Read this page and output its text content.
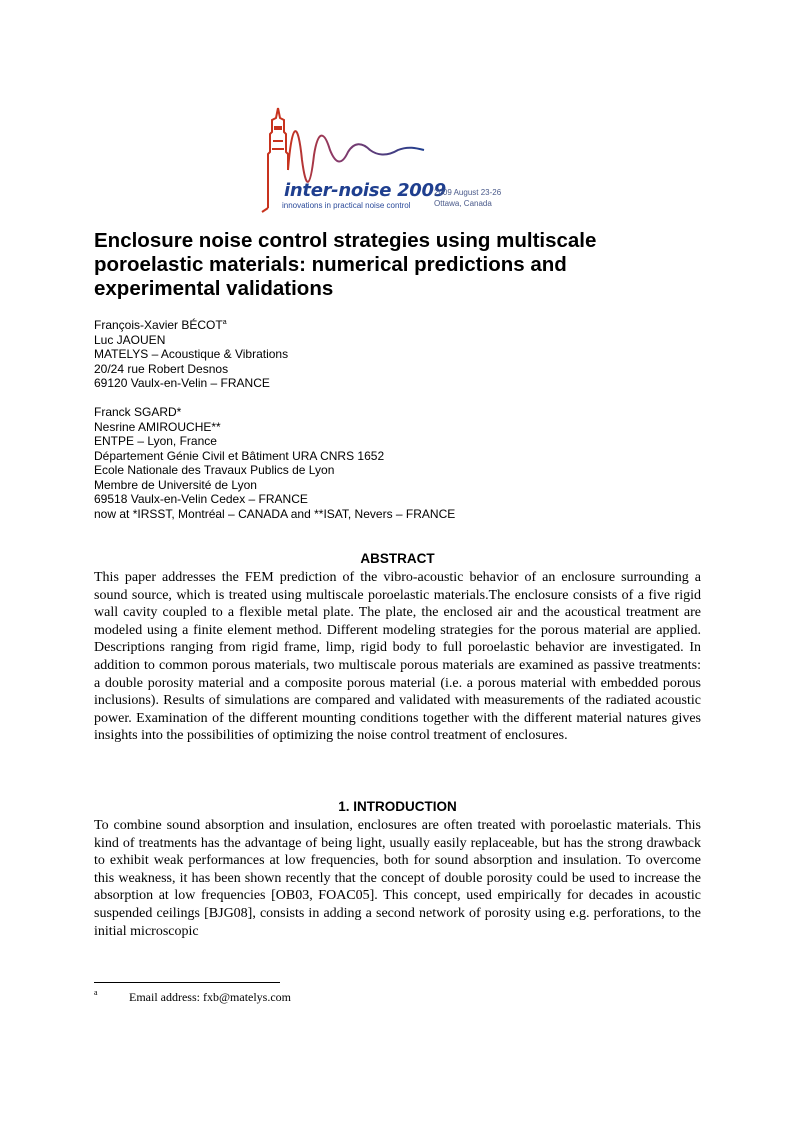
inter-noise 2009
innovations in practical noise control
2009 August 23-26
Ottawa, Canada
Enclosure noise control strategies using multiscale poroelastic materials: numerical predictions and experimental validations
François-Xavier BÉCOT$^a$
Luc JAOUEN
MATELYS – Acoustique & Vibrations
20/24 rue Robert Desnos
69120 Vaulx-en-Velin – FRANCE
Franck SGARD*
Nesrine AMIROUCHE**
ENTPE – Lyon, France
Département Génie Civil et Bâtiment URA CNRS 1652
Ecole Nationale des Travaux Publics de Lyon
Membre de Université de Lyon
69518 Vaulx-en-Velin Cedex – FRANCE
now at *IRSST, Montréal – CANADA and **ISAT, Nevers – FRANCE
ABSTRACT

This paper addresses the FEM prediction of the vibro-acoustic behavior of an enclosure surrounding a sound source, which is treated using multiscale poroelastic materials.The enclosure consists of a five rigid wall cavity coupled to a flexible metal plate. The plate, the enclosed air and the acoustical treatment are modeled using a finite element method. Different modeling strategies for the porous material are applied. Descriptions ranging from rigid frame, limp, rigid body to full poroelastic behavior are investigated. In addition to common porous materials, two multiscale porous materials are examined as passive treatments: a double porosity material and a composite porous material (i.e. a porous material with embedded porous inclusions). Results of simulations are compared and validated with measurements of the radiated acoustic power. Examination of the different mounting conditions together with the different material natures gives insights into the possibilities of optimizing the noise control treatment of enclosures.

1. INTRODUCTION

To combine sound absorption and insulation, enclosures are often treated with poroelastic materials. This kind of treatments has the advantage of being light, usually easily replaceable, but has the strong drawback to exhibit weak performances at low frequencies, both for sound absorption and insulation. To overcome this weakness, it has been shown recently that the concept of double porosity could be used to increase the absorption at low frequencies [OB03, FOAC05]. This concept, used empirically for decades in acoustic suspended ceilings [BJG08], consists in adding a second network of porosity using e.g. perforations, to the initial microscopic

a	Email address: fxb@matelys.com
